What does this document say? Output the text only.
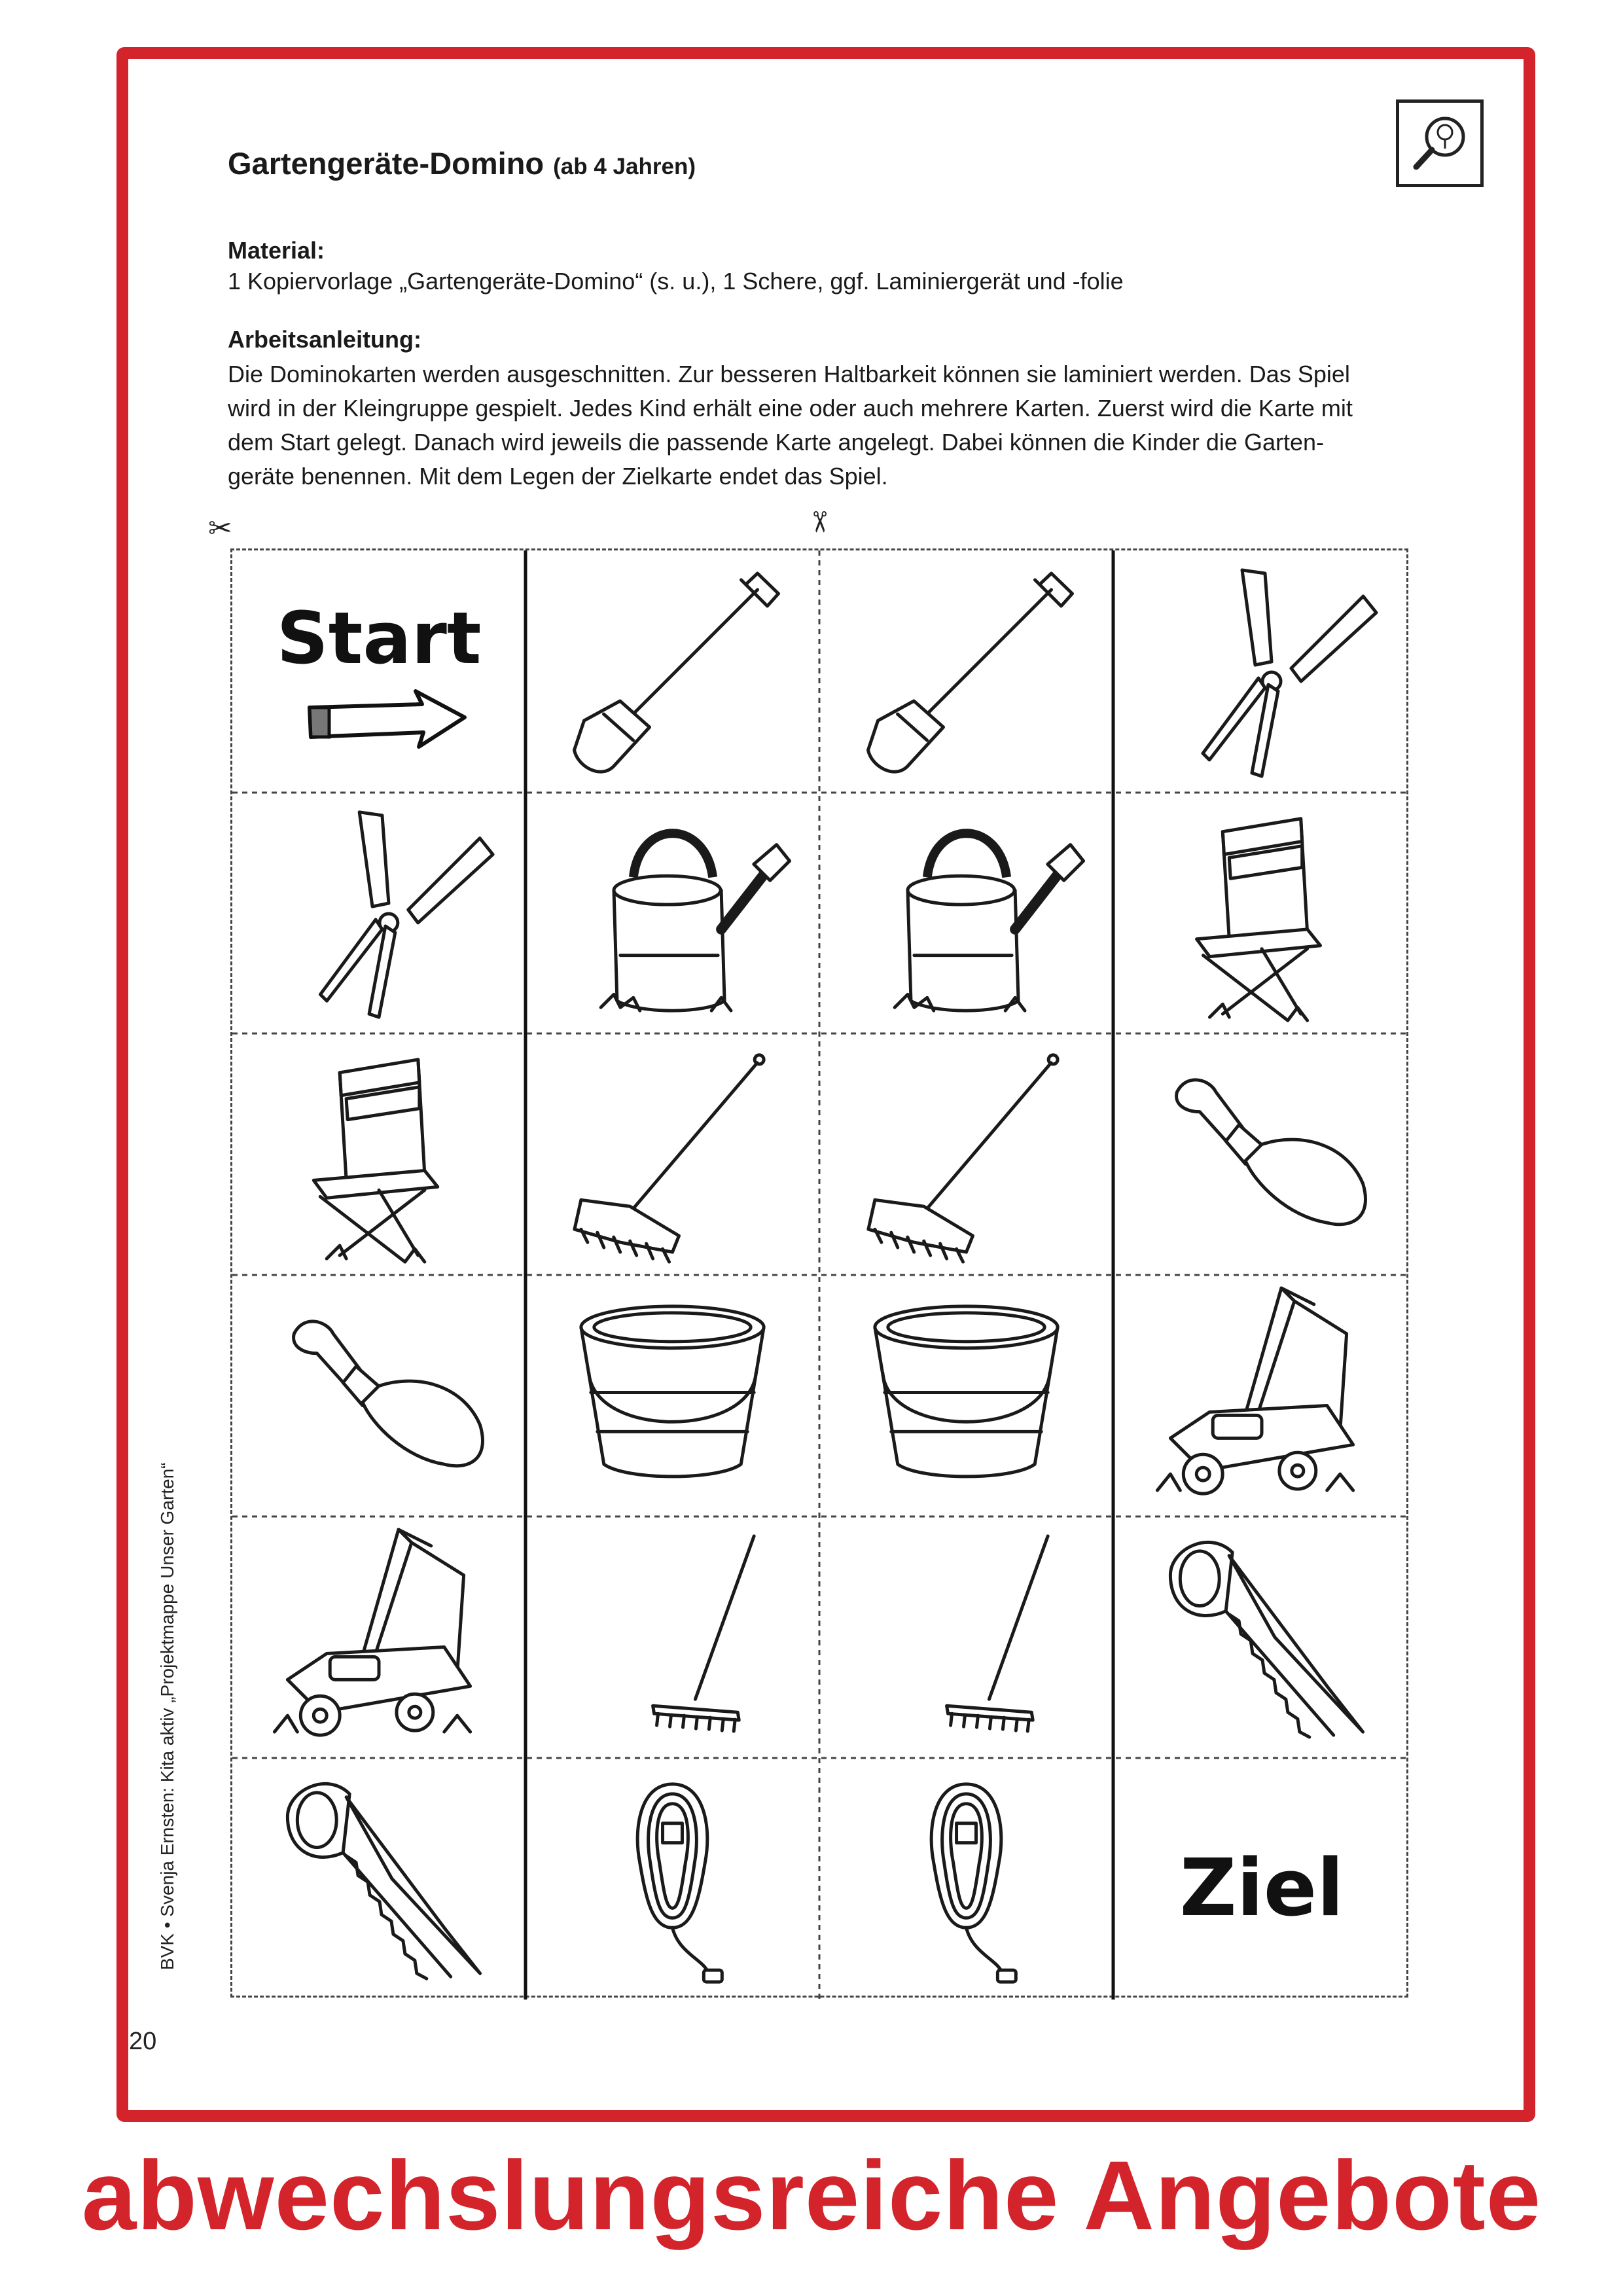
Gartengeräte-Domino (ab 4 Jahren)
Material:
1 Kopiervorlage „Gartengeräte-Domino“ (s. u.), 1 Schere, ggf. Laminiergerät und -folie
Arbeitsanleitung:
Die Dominokarten werden ausgeschnitten. Zur besseren Haltbarkeit können sie laminiert werden. Das Spiel
wird in der Kleingruppe gespielt. Jedes Kind erhält eine oder auch mehrere Karten. Zuerst wird die Karte mit
dem Start gelegt. Danach wird jeweils die passende Karte angelegt. Dabei können die Kinder die Garten-
geräte benennen. Mit dem Legen der Zielkarte endet das Spiel.
✂	✂
Start
Ziel
BVK • Svenja Ernsten: Kita aktiv „Projektmappe Unser Garten“
20
abwechslungsreiche Angebote
